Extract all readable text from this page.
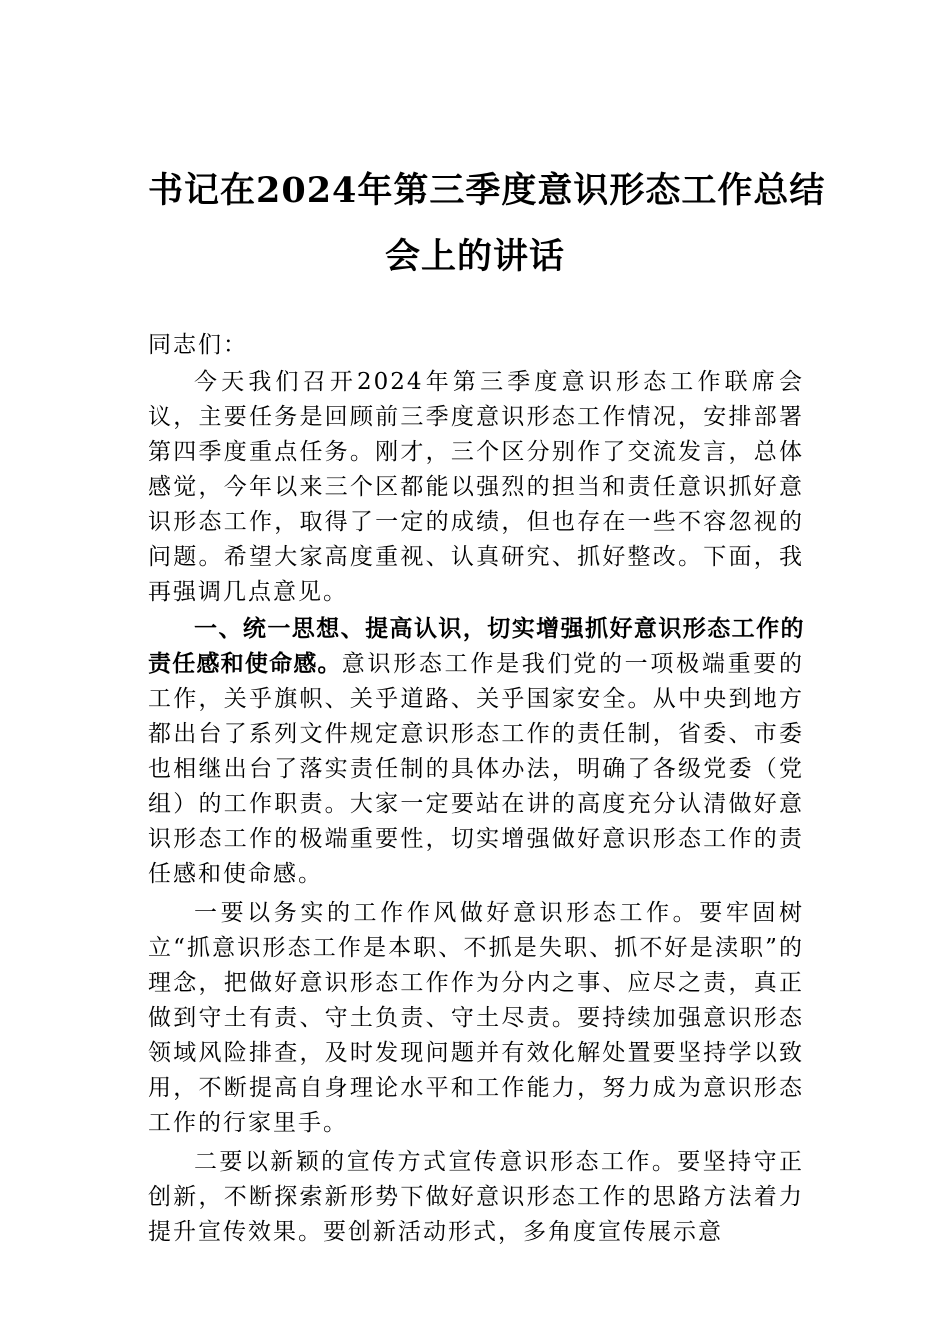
书记在2024年第三季度意识形态工作总结
会上的讲话

同志们：

今天我们召开2024年第三季度意识形态工作联席会议，主要任务是回顾前三季度意识形态工作情况，安排部署第四季度重点任务。刚才，三个区分别作了交流发言，总体感觉，今年以来三个区都能以强烈的担当和责任意识抓好意识形态工作，取得了一定的成绩，但也存在一些不容忽视的问题。希望大家高度重视、认真研究、抓好整改。下面，我再强调几点意见。

一、统一思想、提高认识，切实增强抓好意识形态工作的责任感和使命感。意识形态工作是我们党的一项极端重要的工作，关乎旗帜、关乎道路、关乎国家安全。从中央到地方都出台了系列文件规定意识形态工作的责任制，省委、市委也相继出台了落实责任制的具体办法，明确了各级党委（党组）的工作职责。大家一定要站在讲的高度充分认清做好意识形态工作的极端重要性，切实增强做好意识形态工作的责任感和使命感。

一要以务实的工作作风做好意识形态工作。要牢固树立“抓意识形态工作是本职、不抓是失职、抓不好是渎职”的理念，把做好意识形态工作作为分内之事、应尽之责，真正做到守土有责、守土负责、守土尽责。要持续加强意识形态领域风险排查，及时发现问题并有效化解处置要坚持学以致用，不断提高自身理论水平和工作能力，努力成为意识形态工作的行家里手。

二要以新颖的宣传方式宣传意识形态工作。要坚持守正创新，不断探索新形势下做好意识形态工作的思路方法着力提升宣传效果。要创新活动形式，多角度宣传展示意
